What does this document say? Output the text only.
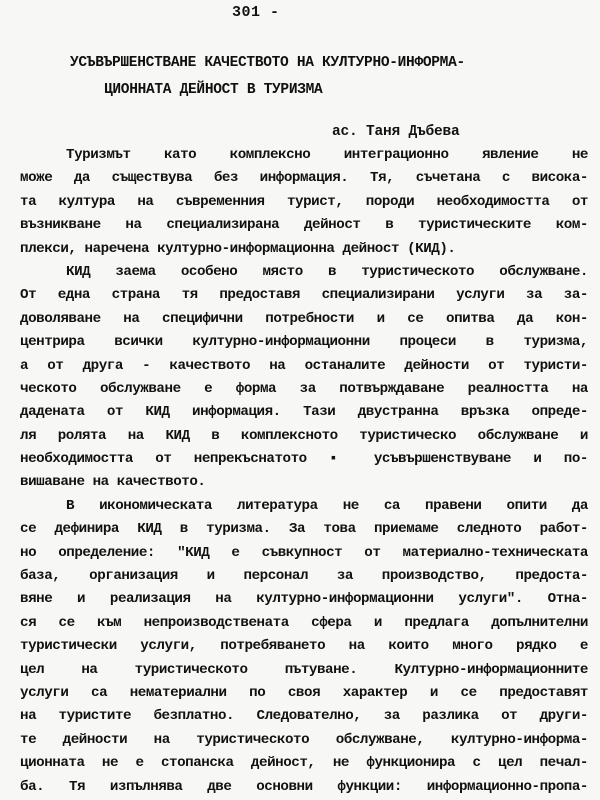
301 -
УСЪВЪРШЕНСТВАНЕ КАЧЕСТВОТО НА КУЛТУРНО-ИНФОРМА-
ЦИОННАТА ДЕЙНОСТ В ТУРИЗМА
ас. Таня Дъбева
Туризмът като комплексно интеграционно явление не
може да съществува без информация. Тя, съчетана с висока-
та култура на съвременния турист, породи необходимостта от
възникване на специализирана дейност в туристическите ком-
плекси, наречена културно-информационна дейност (КИД).
КИД заема особено място в туристическото обслужване.
От една страна тя предоставя специализирани услуги за за-
доволяване на специфични потребности и се опитва да кон-
центрира всички културно-информационни процеси в туризма,
а от друга - качеството на останалите дейности от туристи-
ческото обслужване е форма за потвърждаване реалността на
дадената от КИД информация. Тази двустранна връзка опреде-
ля ролята на КИД в комплексното туристическо обслужване и
необходимостта от непрекъснатото ▪ усъвършенствуване и по-
вишаване на качеството.
В икономическата литература не са правени опити да
се дефинира КИД в туризма. За това приемаме следното работ-
но определение: "КИД е съвкупност от материално-техническата
база, организация и персонал за производство, предоста-
вяне и реализация на културно-информационни услуги". Отна-
ся се към непроизводствената сфера и предлага допълнителни
туристически услуги, потребяването на които много рядко е
цел на туристическото пътуване. Културно-информационните
услуги са нематериални по своя характер и се предоставят
на туристите безплатно. Следователно, за разлика от други-
те дейности на туристическото обслужване, културно-информа-
ционната не е стопанска дейност, не функционира с цел печал-
ба. Тя изпълнява две основни функции: информационно-пропа-
